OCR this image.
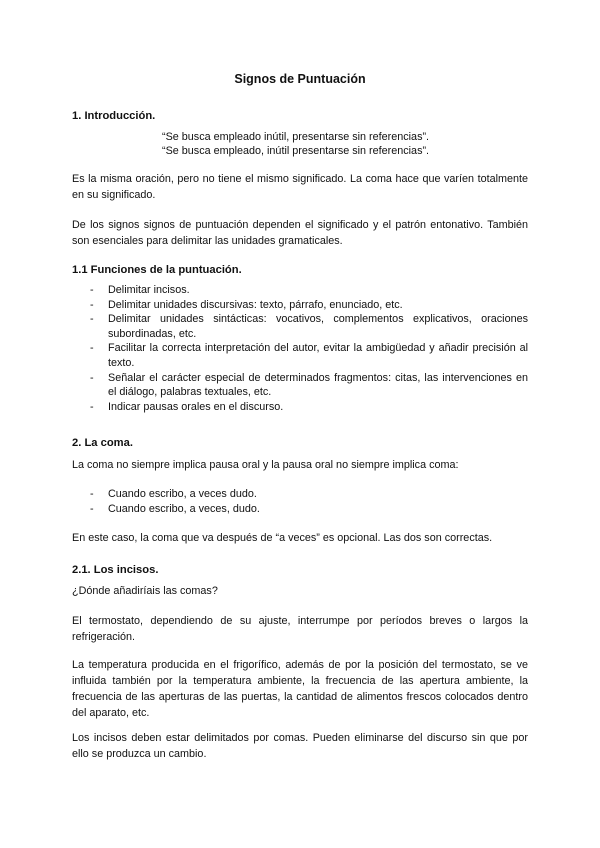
Signos de Puntuación
1. Introducción.
“Se busca empleado inútil, presentarse sin referencias”.
“Se busca empleado, inútil presentarse sin referencias”.
Es la misma oración, pero no tiene el mismo significado. La coma hace que varíen totalmente en su significado.
De los signos signos de puntuación dependen el significado y el patrón entonativo. También son esenciales para delimitar las unidades gramaticales.
1.1 Funciones de la puntuación.
- Delimitar incisos.
- Delimitar unidades discursivas: texto, párrafo, enunciado, etc.
- Delimitar unidades sintácticas: vocativos, complementos explicativos, oraciones subordinadas, etc.
- Facilitar la correcta interpretación del autor, evitar la ambigüedad y añadir precisión al texto.
- Señalar el carácter especial de determinados fragmentos: citas, las intervenciones en el diálogo, palabras textuales, etc.
- Indicar pausas orales en el discurso.
2. La coma.
La coma no siempre implica pausa oral y la pausa oral no siempre implica coma:
- Cuando escribo, a veces dudo.
- Cuando escribo, a veces, dudo.
En este caso, la coma que va después de “a veces” es opcional. Las dos son correctas.
2.1. Los incisos.
¿Dónde añadiríais las comas?
El termostato, dependiendo de su ajuste, interrumpe por períodos breves o largos la refrigeración.
La temperatura producida en el frigorífico, además de por la posición del termostato, se ve influida también por la temperatura ambiente, la frecuencia de las apertura ambiente, la frecuencia de las aperturas de las puertas, la cantidad de alimentos frescos colocados dentro del aparato, etc.
Los incisos deben estar delimitados por comas. Pueden eliminarse del discurso sin que por ello se produzca un cambio.
